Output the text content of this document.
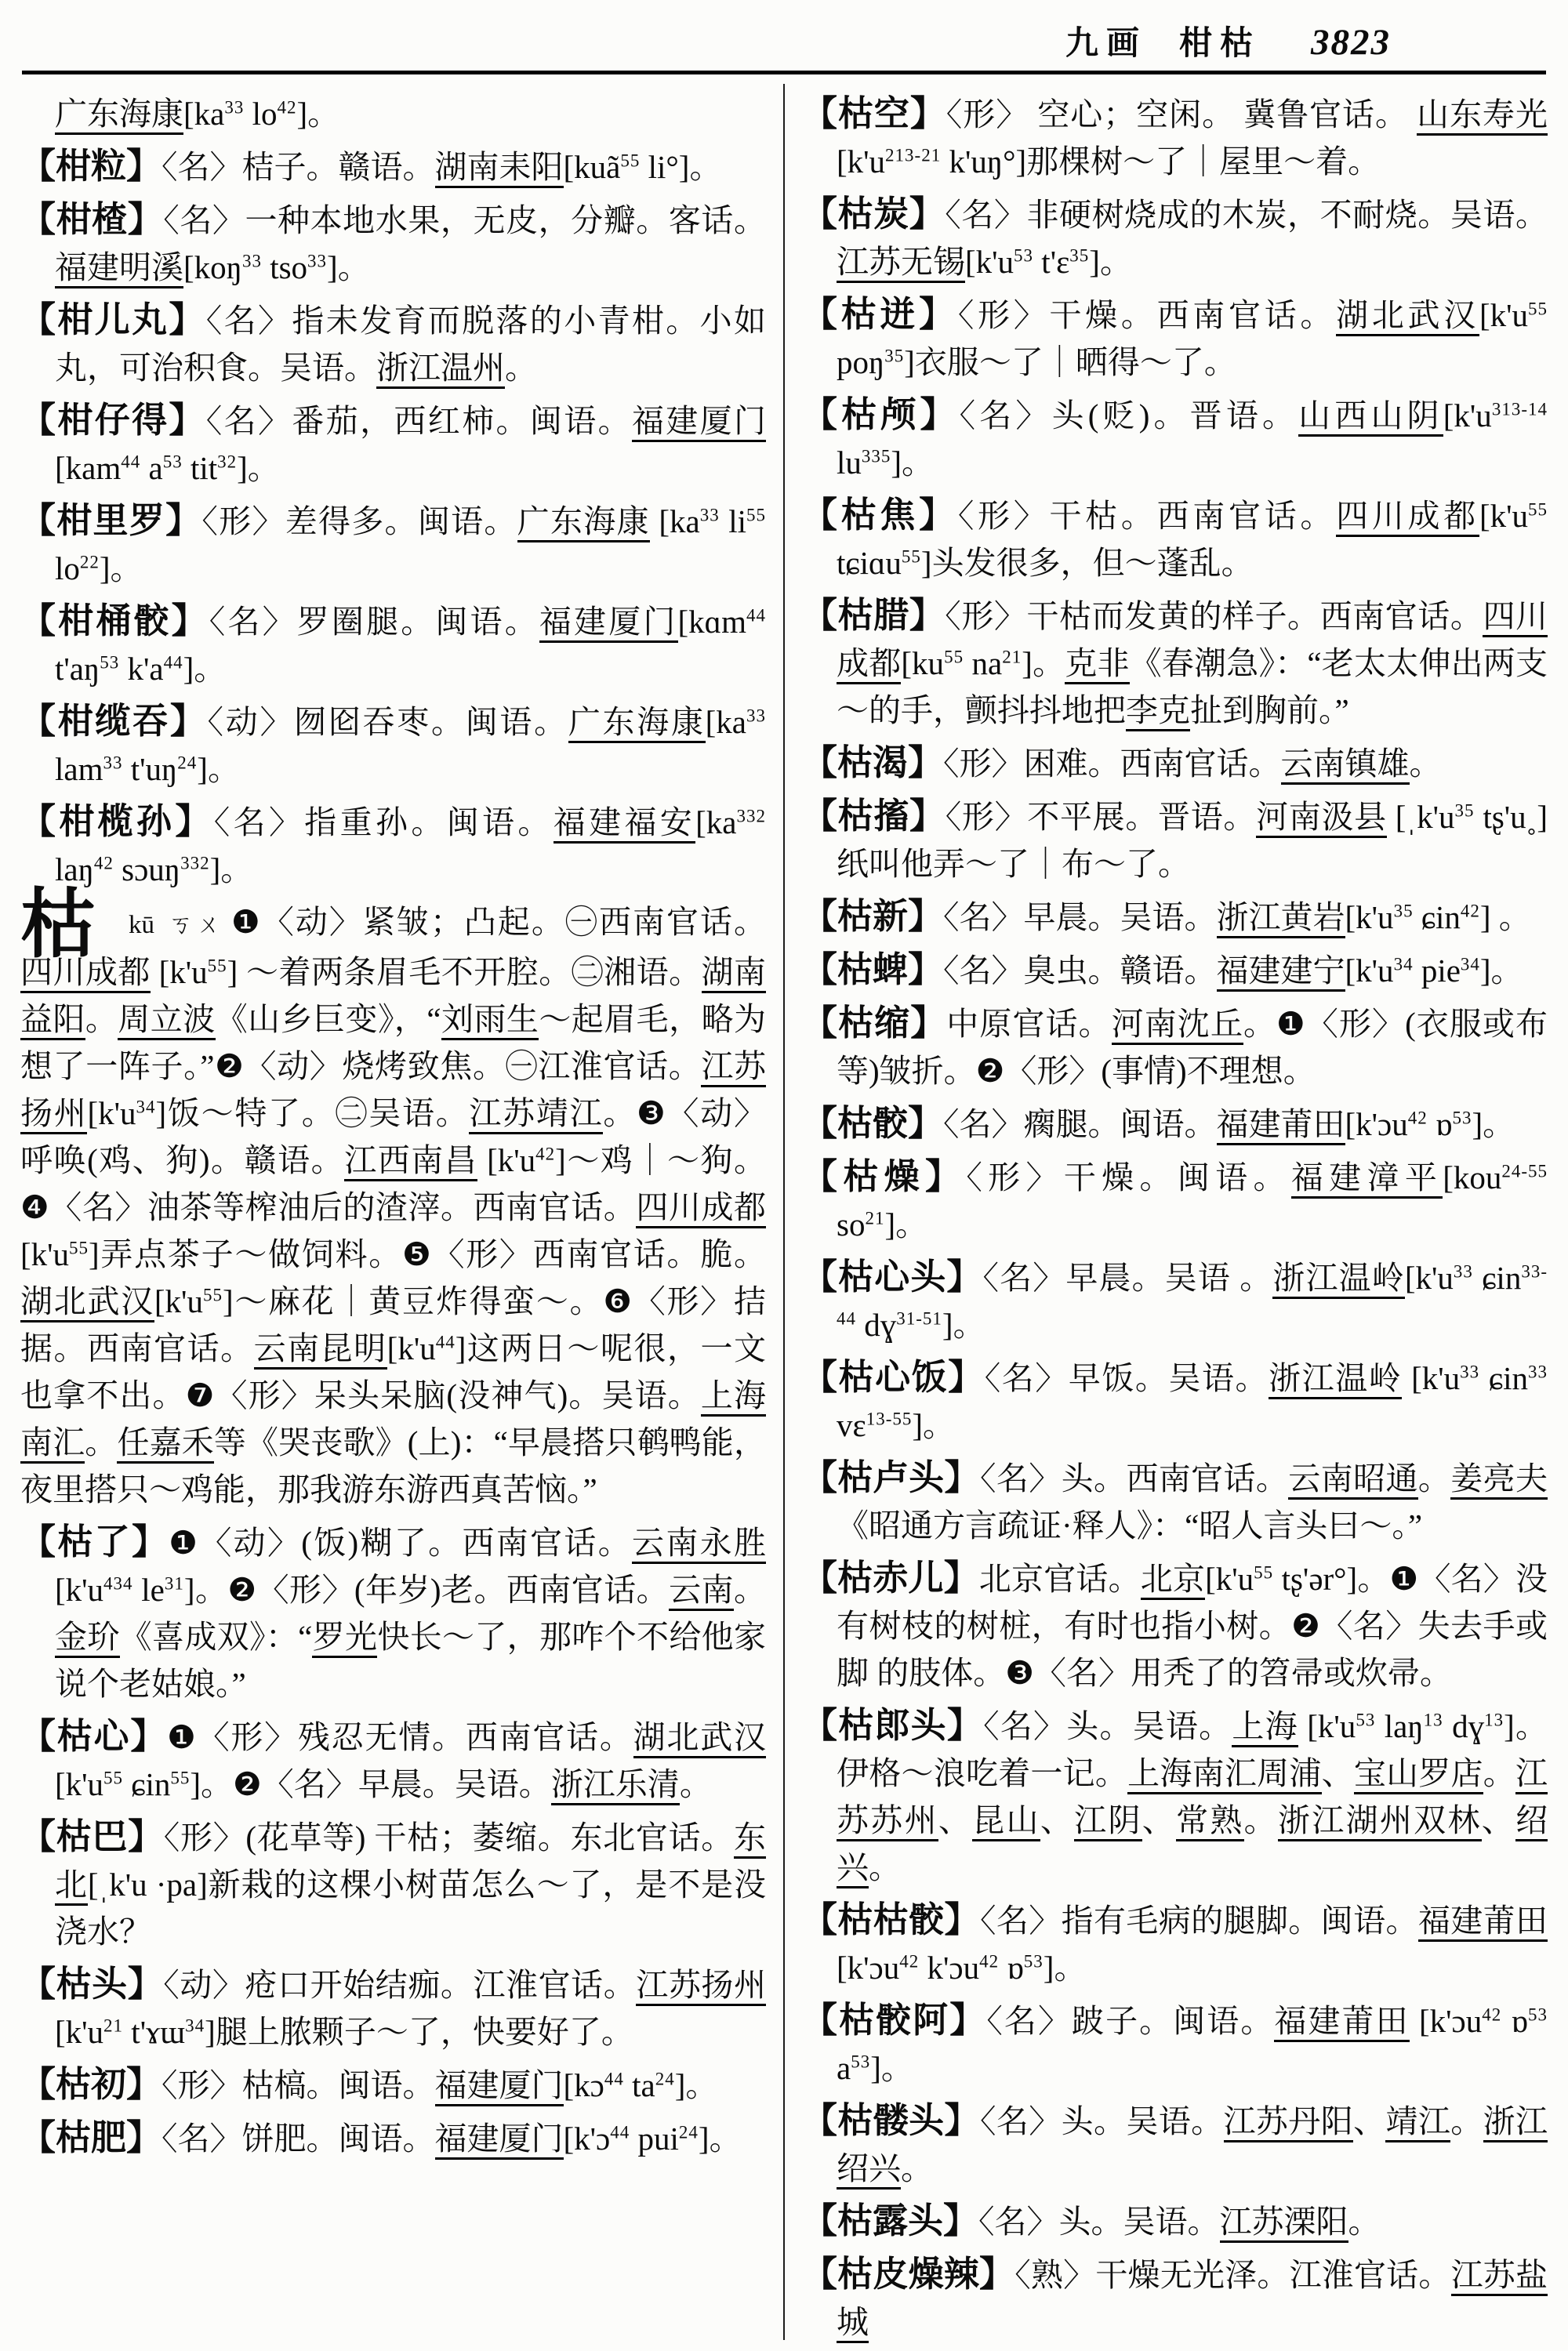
九画 柑枯 3823
广东海康[$ka^{33}$ $lo^{42}$]。
【柑粒】〈名〉桔子。赣语。湖南耒阳[kuã$^{55}$ li°]。
【柑楂】〈名〉一种本地水果，无皮，分瓣。客话。福建明溪[koŋ$^{33}$ tso$^{33}$]。
【柑儿丸】〈名〉指未发育而脱落的小青柑。小如丸，可治积食。吴语。浙江温州。
【柑仔得】〈名〉番茄，西红柿。闽语。福建厦门[kam$^{44}$ $a^{53}$ tit$^{32}$]。
【柑里罗】〈形〉差得多。闽语。广东海康 [$ka^{33}$ $li^{55}$ $lo^{22}$]。
【柑桶骹】〈名〉罗圈腿。闽语。福建厦门[kɑm$^{44}$ $t'aŋ^{53}$ $k'a^{44}$]。
【柑缆吞】〈动〉囫囵吞枣。闽语。广东海康[$ka^{33}$ lam$^{33}$ $t'uŋ^{24}$]。
【柑榄孙】〈名〉指重孙。闽语。福建福安[$ka^{332}$ laŋ$^{42}$ sɔuŋ$^{332}$]。
枯 kū ㄎㄨ ❶〈动〉紧皱；凸起。㊀西南官话。四川成都 $[k'u^{55}]$ ～着两条眉毛不开腔。㊁湘语。湖南益阳。周立波《山乡巨变》，“刘雨生～起眉毛，略为想了一阵子。”❷〈动〉烧烤致焦。㊀江淮官话。江苏扬州$[k'u^{34}]$饭～特了。㊁吴语。江苏靖江。❸〈动〉呼唤(鸡、狗)。赣语。江西南昌 $[k'u^{42}]\sim$鸡｜～狗。❹〈名〉油茶等榨油后的渣滓。西南官话。四川成都$[k'u^{55}]$弄点茶子～做饲料。❺〈形〉西南官话。脆。湖北武汉$[k'u^{55}]\sim$麻花｜黄豆炸得蛮～。❻〈形〉拮据。西南官话。云南昆明$[k'u^{44}]$这两日～呢很，一文也拿不出。❼〈形〉呆头呆脑(没神气)。吴语。上海南汇。任嘉禾等《哭丧歌》(上)：“早晨搭只鹌鸭能，夜里搭只～鸡能，那我游东游西真苦恼。”
【枯了】❶〈动〉(饭)糊了。西南官话。云南永胜 [$k'u^{434}$ $le^{31}$]。❷〈形〉(年岁)老。西南官话。云南。金玠《喜成双》：“罗光快长～了，那咋个不给他家说个老姑娘。”
【枯心】❶〈形〉残忍无情。西南官话。湖北武汉[$k'u^{55}$ ɕin$^{55}$]。❷〈名〉早晨。吴语。浙江乐清。
【枯巴】〈形〉(花草等) 干枯；萎缩。东北官话。东北[ˌk'u ·pa]新栽的这棵小树苗怎么～了，是不是没浇水？
【枯头】〈动〉疮口开始结痂。江淮官话。江苏扬州[$k'u^{21}$ t'ɤɯ$^{34}$]腿上脓颗子～了，快要好了。
【枯初】〈形〉枯槁。闽语。福建厦门[kɔ$^{44}$ $ta^{24}$]。
【枯肥】〈名〉饼肥。闽语。福建厦门[k'ɔ$^{44}$ pui$^{24}$]。
【枯空】〈形〉 空心；空闲。 冀鲁官话。 山东寿光[$k'u^{213-21}$ k'uŋ°]那棵树～了｜屋里～着。
【枯炭】〈名〉非硬树烧成的木炭，不耐烧。吴语。江苏无锡[$k'u^{53}$ t'ɛ$^{35}$]。
【枯迸】〈形〉干燥。西南官话。湖北武汉[$k'u^{55}$ poŋ$^{35}$]衣服～了｜晒得～了。
【枯颅】〈名〉头(贬)。晋语。山西山阴[$k'u^{313-14}$ $lu^{335}$]。
【枯焦】〈形〉干枯。西南官话。四川成都[$k'u^{55}$ tɕiɑu$^{55}$]头发很多，但～蓬乱。
【枯腊】〈形〉干枯而发黄的样子。西南官话。四川成都[$ku^{55}$ $na^{21}$]。克非《春潮急》：“老太太伸出两支～的手，颤抖抖地把李克扯到胸前。”
【枯渴】〈形〉困难。西南官话。云南镇雄。
【枯搐】〈形〉不平展。晋语。河南汲县 [$ˌk'u^{35}$ tʂ'u˳]纸叫他弄～了｜布～了。
【枯新】〈名〉早晨。吴语。浙江黄岩[$k'u^{35}$ ɕin$^{42}$] 。
【枯蜱】〈名〉臭虫。赣语。福建建宁[$k'u^{34}$ pie$^{34}$]。
【枯缩】中原官话。河南沈丘。❶〈形〉(衣服或布等)皱折。❷〈形〉(事情)不理想。
【枯骹】〈名〉瘸腿。闽语。福建莆田[k'ɔu$^{42}$ ɒ$^{53}$]。
【枯燥】〈形〉干燥。闽语。福建漳平[kou$^{24-55}$ $so^{21}$]。
【枯心头】〈名〉早晨。吴语 。浙江温岭[$k'u^{33}$ ɕin$^{33-44}$ dɣ$^{31-51}$]。
【枯心饭】〈名〉早饭。吴语。浙江温岭 [$k'u^{33}$ ɕin$^{33}$ vɛ$^{13-55}$]。
【枯卢头】〈名〉头。西南官话。云南昭通。姜亮夫《昭通方言疏证·释人》：“昭人言头曰～。”
【枯赤儿】北京官话。北京[$k'u^{55}$ tʂ'ər°]。❶〈名〉没有树枝的树桩，有时也指小树。❷〈名〉失去手或脚 的肢体。❸〈名〉用秃了的笤帚或炊帚。
【枯郎头】〈名〉头。吴语。上海 [$k'u^{53}$ laŋ$^{13}$ dɣ$^{13}$]。伊格～浪吃着一记。上海南汇周浦、宝山罗店。江苏苏州、昆山、江阴、常熟。浙江湖州双林、绍兴。
【枯枯骹】〈名〉指有毛病的腿脚。闽语。福建莆田[k'ɔu$^{42}$ k'ɔu$^{42}$ ɒ$^{53}$]。
【枯骹阿】〈名〉跛子。闽语。福建莆田 [k'ɔu$^{42}$ ɒ$^{53}$ $a^{53}$]。
【枯髅头】〈名〉头。吴语。江苏丹阳、靖江。浙江绍兴。
【枯露头】〈名〉头。吴语。江苏溧阳。
【枯皮燥辣】〈熟〉干燥无光泽。江淮官话。江苏盐城
